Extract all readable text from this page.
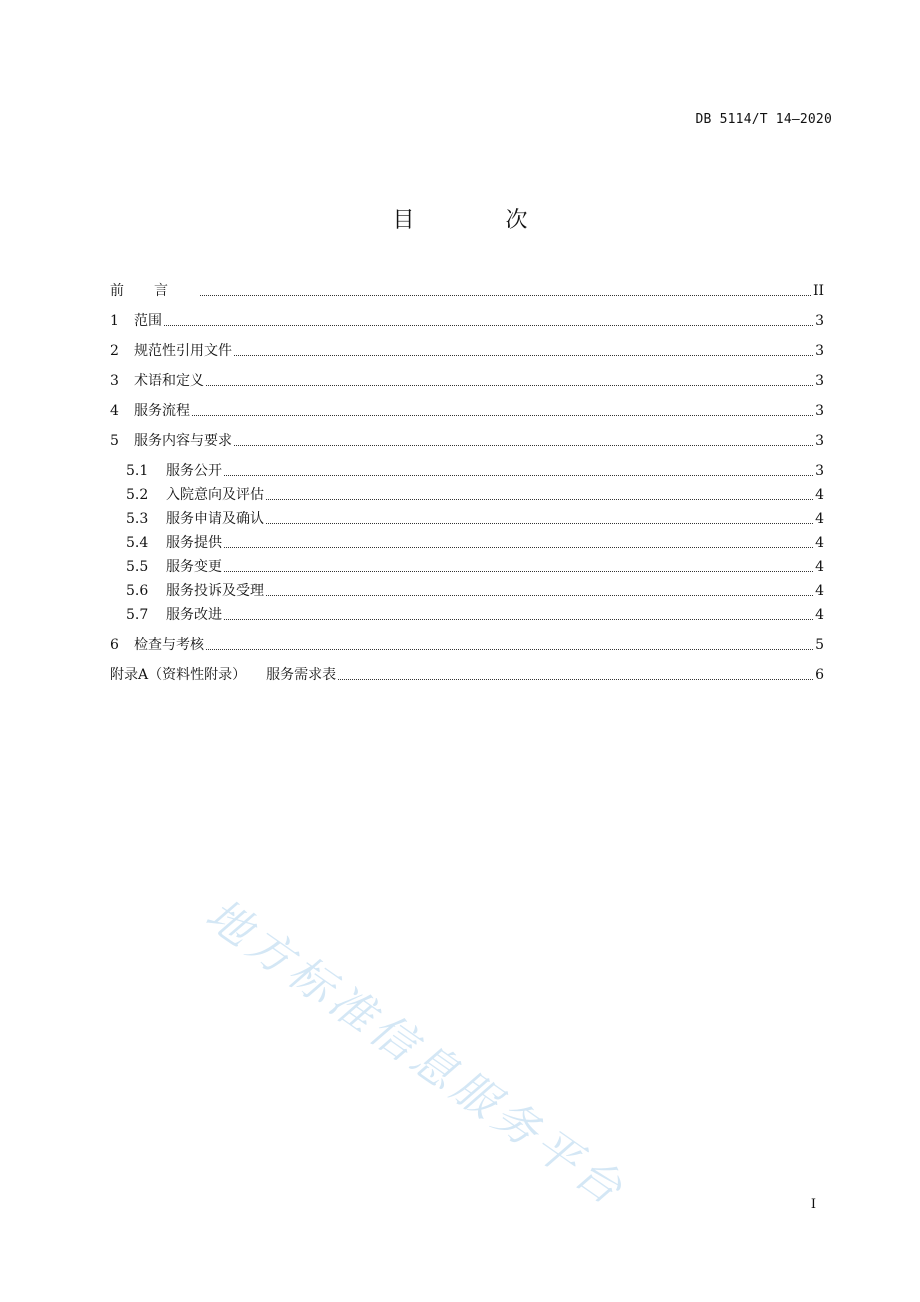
DB 5114/T 14—2020
目 次
前言	II
1	范围	3
2	规范性引用文件	3
3	术语和定义	3
4	服务流程	3
5	服务内容与要求	3
5.1	服务公开	3
5.2	入院意向及评估	4
5.3	服务申请及确认	4
5.4	服务提供	4
5.5	服务变更	4
5.6	服务投诉及受理	4
5.7	服务改进	4
6	检查与考核	5
附录A（资料性附录）	服务需求表	6
地方标准信息服务平台	I
